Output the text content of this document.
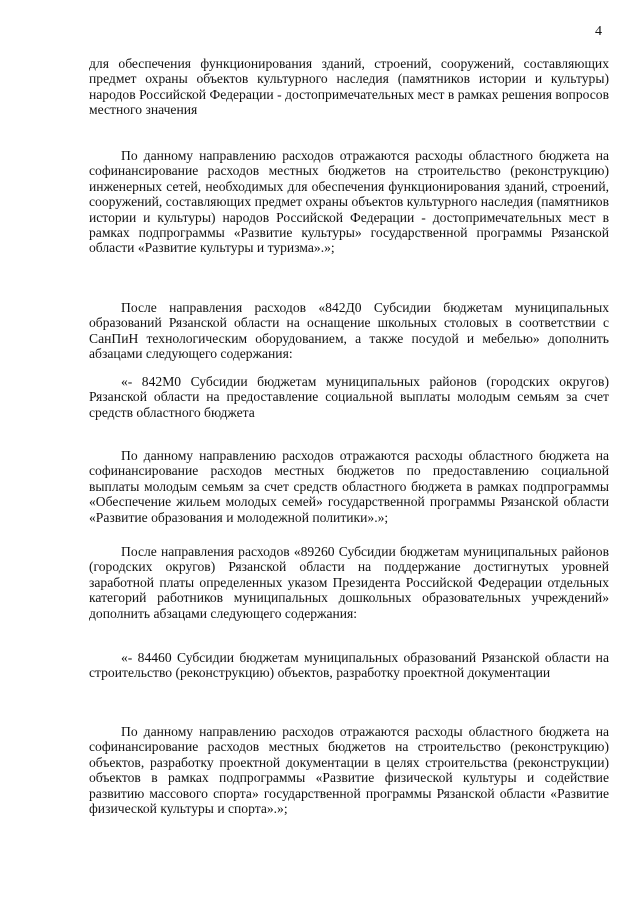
4

для обеспечения функционирования зданий, строений, сооружений, составляющих предмет охраны объектов культурного наследия (памятников истории и культуры) народов Российской Федерации - достопримечательных мест в рамках решения вопросов местного значения

По данному направлению расходов отражаются расходы областного бюджета на софинансирование расходов местных бюджетов на строительство (реконструкцию) инженерных сетей, необходимых для обеспечения функционирования зданий, строений, сооружений, составляющих предмет охраны объектов культурного наследия (памятников истории и культуры) народов Российской Федерации - достопримечательных мест в рамках подпрограммы «Развитие культуры» государственной программы Рязанской области «Развитие культуры и туризма».»;

После направления расходов «842Д0 Субсидии бюджетам муниципальных образований Рязанской области на оснащение школьных столовых в соответствии с СанПиН технологическим оборудованием, а также посудой и мебелью» дополнить абзацами следующего содержания:

«- 842М0 Субсидии бюджетам муниципальных районов (городских округов) Рязанской области на предоставление социальной выплаты молодым семьям за счет средств областного бюджета

По данному направлению расходов отражаются расходы областного бюджета на софинансирование расходов местных бюджетов по предоставлению социальной выплаты молодым семьям за счет средств областного бюджета в рамках подпрограммы «Обеспечение жильем молодых семей» государственной программы Рязанской области «Развитие образования и молодежной политики».»;

После направления расходов «89260 Субсидии бюджетам муниципальных районов (городских округов) Рязанской области на поддержание достигнутых уровней заработной платы определенных указом Президента Российской Федерации отдельных категорий работников муниципальных дошкольных образовательных учреждений» дополнить абзацами следующего содержания:

«- 84460 Субсидии бюджетам муниципальных образований Рязанской области на строительство (реконструкцию) объектов, разработку проектной документации

По данному направлению расходов отражаются расходы областного бюджета на софинансирование расходов местных бюджетов на строительство (реконструкцию) объектов, разработку проектной документации в целях строительства (реконструкции) объектов в рамках подпрограммы «Развитие физической культуры и содействие развитию массового спорта» государственной программы Рязанской области «Развитие физической культуры и спорта».»;
